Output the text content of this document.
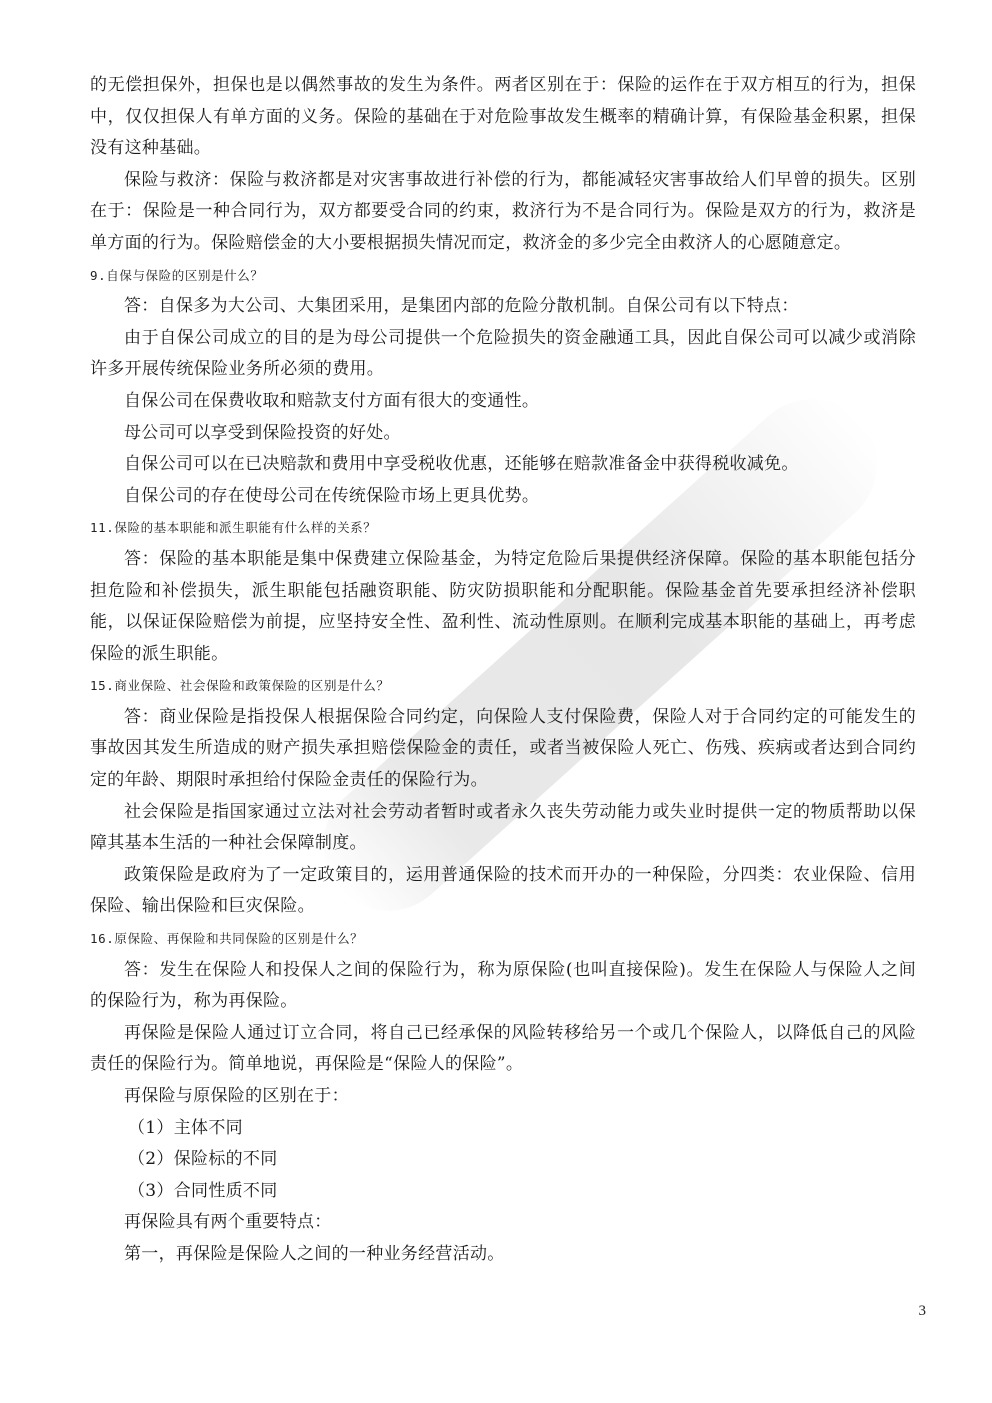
的无偿担保外，担保也是以偶然事故的发生为条件。两者区别在于：保险的运作在于双方相互的行为，担保中，仅仅担保人有单方面的义务。保险的基础在于对危险事故发生概率的精确计算，有保险基金积累，担保没有这种基础。

保险与救济：保险与救济都是对灾害事故进行补偿的行为，都能减轻灾害事故给人们早曾的损失。区别在于：保险是一种合同行为，双方都要受合同的约束，救济行为不是合同行为。保险是双方的行为，救济是单方面的行为。保险赔偿金的大小要根据损失情况而定，救济金的多少完全由救济人的心愿随意定。

9.自保与保险的区别是什么？

答：自保多为大公司、大集团采用，是集团内部的危险分散机制。自保公司有以下特点：

由于自保公司成立的目的是为母公司提供一个危险损失的资金融通工具，因此自保公司可以减少或消除许多开展传统保险业务所必须的费用。

自保公司在保费收取和赔款支付方面有很大的变通性。

母公司可以享受到保险投资的好处。

自保公司可以在已决赔款和费用中享受税收优惠，还能够在赔款准备金中获得税收减免。

自保公司的存在使母公司在传统保险市场上更具优势。

11.保险的基本职能和派生职能有什么样的关系？

答：保险的基本职能是集中保费建立保险基金，为特定危险后果提供经济保障。保险的基本职能包括分担危险和补偿损失，派生职能包括融资职能、防灾防损职能和分配职能。保险基金首先要承担经济补偿职能，以保证保险赔偿为前提，应坚持安全性、盈利性、流动性原则。在顺利完成基本职能的基础上，再考虑保险的派生职能。

15.商业保险、社会保险和政策保险的区别是什么？

答：商业保险是指投保人根据保险合同约定，向保险人支付保险费，保险人对于合同约定的可能发生的事故因其发生所造成的财产损失承担赔偿保险金的责任，或者当被保险人死亡、伤残、疾病或者达到合同约定的年龄、期限时承担给付保险金责任的保险行为。

社会保险是指国家通过立法对社会劳动者暂时或者永久丧失劳动能力或失业时提供一定的物质帮助以保障其基本生活的一种社会保障制度。

政策保险是政府为了一定政策目的，运用普通保险的技术而开办的一种保险，分四类：农业保险、信用保险、输出保险和巨灾保险。

16.原保险、再保险和共同保险的区别是什么？

答：发生在保险人和投保人之间的保险行为，称为原保险(也叫直接保险)。发生在保险人与保险人之间的保险行为，称为再保险。

再保险是保险人通过订立合同，将自己已经承保的风险转移给另一个或几个保险人，以降低自己的风险责任的保险行为。简单地说，再保险是“保险人的保险”。

再保险与原保险的区别在于：

（1）主体不同

（2）保险标的不同

（3）合同性质不同

再保险具有两个重要特点：

第一，再保险是保险人之间的一种业务经营活动。

3
